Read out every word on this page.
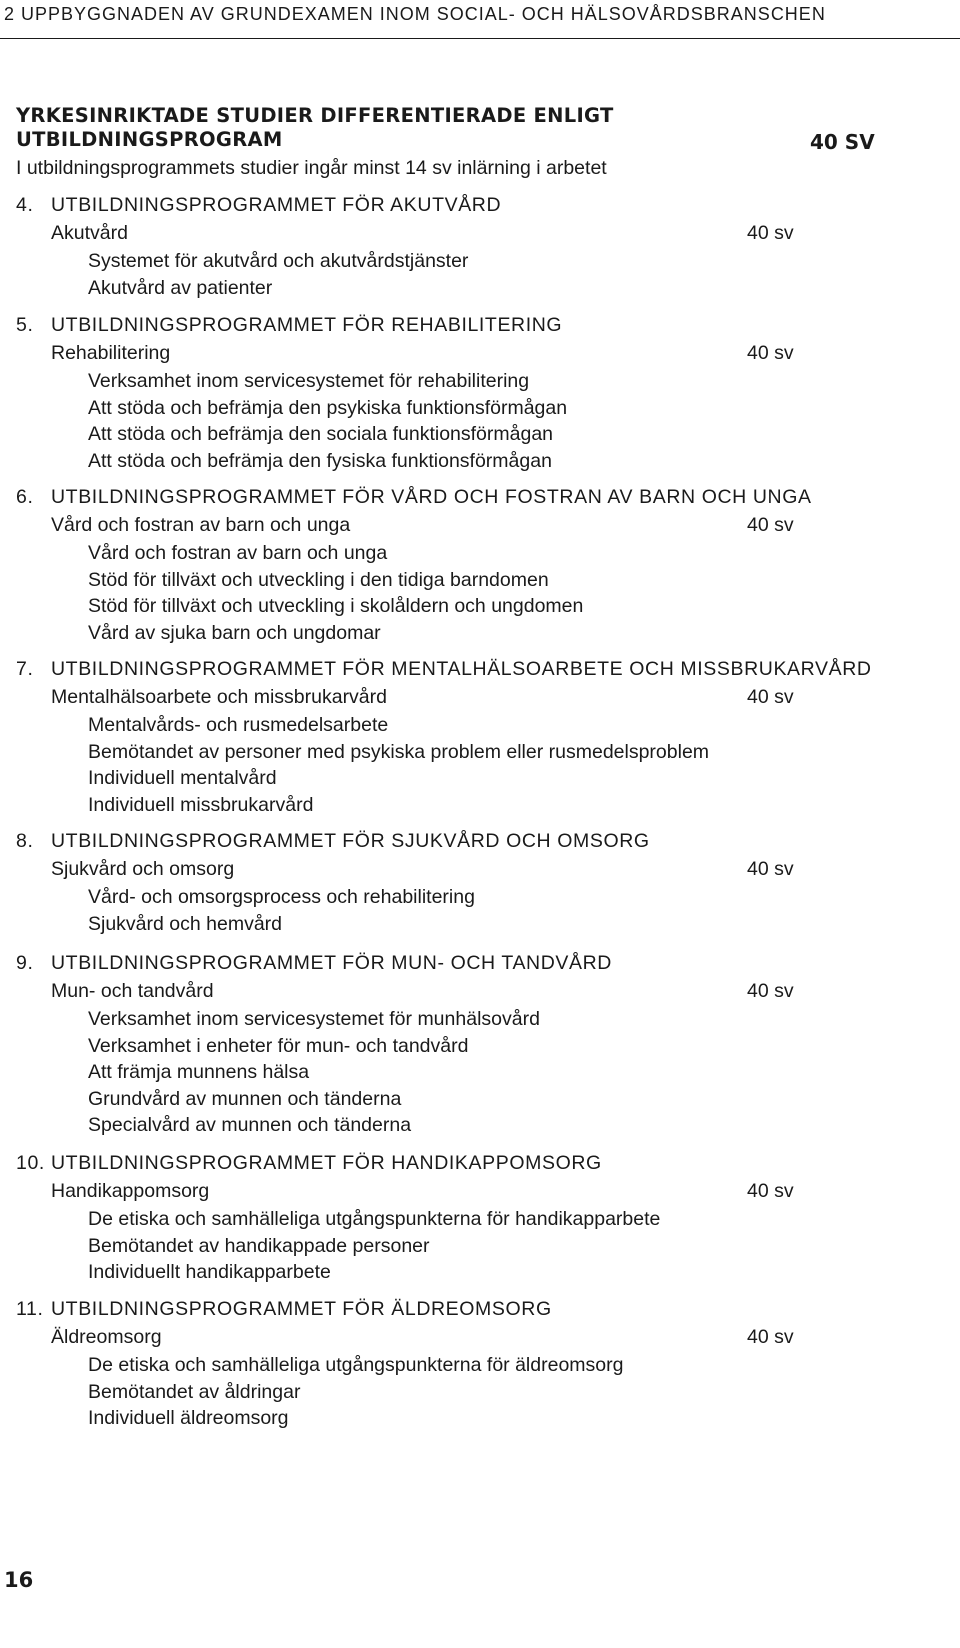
2 UPPBYGGNADEN AV GRUNDEXAMEN INOM SOCIAL- OCH HÄLSOVÅRDSBRANSCHEN
YRKESINRIKTADE STUDIER DIFFERENTIERADE ENLIGT
UTBILDNINGSPROGRAM	40 SV
I utbildningsprogrammets studier ingår minst 14 sv inlärning i arbetet
4. UTBILDNINGSPROGRAMMET FÖR AKUTVÅRD
Akutvård	40 sv
Systemet för akutvård och akutvårdstjänster
Akutvård av patienter
5. UTBILDNINGSPROGRAMMET FÖR REHABILITERING
Rehabilitering	40 sv
Verksamhet inom servicesystemet för rehabilitering
Att stöda och befrämja den psykiska funktionsförmågan
Att stöda och befrämja den sociala funktionsförmågan
Att stöda och befrämja den fysiska funktionsförmågan
6. UTBILDNINGSPROGRAMMET FÖR VÅRD OCH FOSTRAN AV BARN OCH UNGA
Vård och fostran av barn och unga	40 sv
Vård och fostran av barn och unga
Stöd för tillväxt och utveckling i den tidiga barndomen
Stöd för tillväxt och utveckling i skolåldern och ungdomen
Vård av sjuka barn och ungdomar
7. UTBILDNINGSPROGRAMMET FÖR MENTALHÄLSOARBETE OCH MISSBRUKARVÅRD
Mentalhälsoarbete och missbrukarvård	40 sv
Mentalvårds- och rusmedelsarbete
Bemötandet av personer med psykiska problem eller rusmedelsproblem
Individuell mentalvård
Individuell missbrukarvård
8. UTBILDNINGSPROGRAMMET FÖR SJUKVÅRD OCH OMSORG
Sjukvård och omsorg	40 sv
Vård- och omsorgsprocess och rehabilitering
Sjukvård och hemvård
9. UTBILDNINGSPROGRAMMET FÖR MUN- OCH TANDVÅRD
Mun- och tandvård	40 sv
Verksamhet inom servicesystemet för munhälsovård
Verksamhet i enheter för mun- och tandvård
Att främja munnens hälsa
Grundvård av munnen och tänderna
Specialvård av munnen och tänderna
10. UTBILDNINGSPROGRAMMET FÖR HANDIKAPPOMSORG
Handikappomsorg	40 sv
De etiska och samhälleliga utgångspunkterna för handikapparbete
Bemötandet av handikappade personer
Individuellt handikapparbete
11. UTBILDNINGSPROGRAMMET FÖR ÄLDREOMSORG
Äldreomsorg	40 sv
De etiska och samhälleliga utgångspunkterna för äldreomsorg
Bemötandet av åldringar
Individuell äldreomsorg
16
